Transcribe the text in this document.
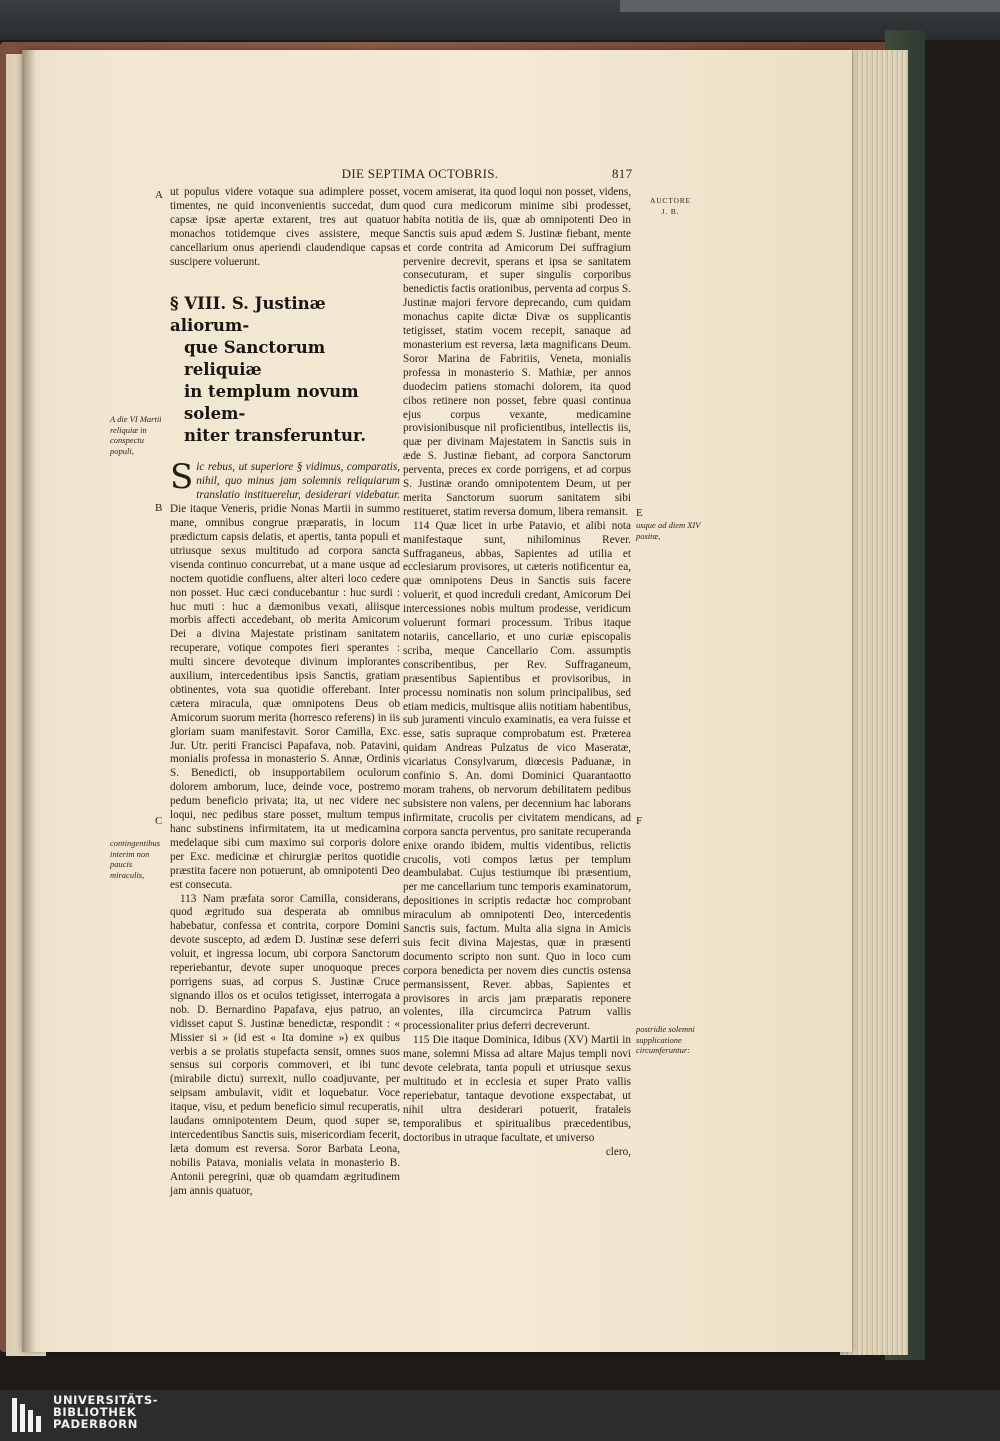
DIE SEPTIMA OCTOBRIS.	817
AUCTORE
J. B.
A
B
C
E
F
A die VI Martii reliquiæ in conspectu populi,
contingentibus interim non paucis miraculis,
usque ad diem XIV positæ,
postridie solemni supplicatione circumferuntur:

ut populus videre votaque sua adimplere posset, timentes, ne quid inconvenientis succedat, dum capsæ ipsæ apertæ extarent, tres aut quatuor monachos totidemque cives assistere, meque cancellarium onus aperiendi claudendique capsas suscipere voluerunt.

§ VIII. S. Justinæ aliorum-

que Sanctorum reliquiæ
in templum novum solem-
niter transferuntur.

Sic rebus, ut superiore § vidimus, comparatis, nihil, quo minus jam solemnis reliquiarum translatio instituerelur, desiderari videbatur. Die itaque Veneris, pridie Nonas Martii in summo mane, omnibus congrue præparatis, in locum prædictum capsis delatis, et apertis, tanta populi et utriusque sexus multitudo ad corpora sancta visenda continuo concurrebat, ut a mane usque ad noctem quotidie confluens, alter alteri loco cedere non posset. Huc cæci conducebantur : huc surdi : huc muti : huc a dæmonibus vexati, aliisque morbis affecti accedebant, ob merita Amicorum Dei a divina Majestate pristinam sanitatem recuperare, votique compotes fieri sperantes : multi sincere devoteque divinum implorantes auxilium, intercedentibus ipsis Sanctis, gratiam obtinentes, vota sua quotidie offerebant. Inter cætera miracula, quæ omnipotens Deus ob Amicorum suorum merita (horresco referens) in iis gloriam suam manifestavit. Soror Camilla, Exc. Jur. Utr. periti Francisci Papafava, nob. Patavini, monialis professa in monasterio S. Annæ, Ordinis S. Benedicti, ob insupportabilem oculorum dolorem amborum, luce, deinde voce, postremo pedum beneficio privata; ita, ut nec videre nec loqui, nec pedibus stare posset, multum tempus hanc substinens infirmitatem, ita ut medicamina medelaque sibi cum maximo sui corporis dolore per Exc. medicinæ et chirurgiæ peritos quotidie præstita facere non potuerunt, ab omnipotenti Deo est consecuta.

113 Nam præfata soror Camilla, considerans, quod ægritudo sua desperata ab omnibus habebatur, confessa et contrita, corpore Domini devote suscepto, ad ædem D. Justinæ sese deferri voluit, et ingressa locum, ubi corpora Sanctorum reperiebantur, devote super unoquoque preces porrigens suas, ad corpus S. Justinæ Cruce signando illos os et oculos tetigisset, interrogata a nob. D. Bernardino Papafava, ejus patruo, an vidisset caput S. Justinæ benedictæ, respondit : « Missier si » (id est « Ita domine ») ex quibus verbis a se prolatis stupefacta sensit, omnes suos sensus sui corporis commoveri, et ibi tunc (mirabile dictu) surrexit, nullo coadjuvante, per seipsam ambulavit, vidit et loquebatur. Voce itaque, visu, et pedum beneficio simul recuperatis, laudans omnipotentem Deum, quod super se, intercedentibus Sanctis suis, misericordiam fecerit, læta domum est reversa. Soror Barbata Leona, nobilis Patava, monialis velata in monasterio B. Antonii peregrini, quæ ob quamdam ægritudinem jam annis quatuor,

vocem amiserat, ita quod loqui non posset, videns, quod cura medicorum minime sibi prodesset, habita notitia de iis, quæ ab omnipotenti Deo in Sanctis suis apud ædem S. Justinæ fiebant, mente et corde contrita ad Amicorum Dei suffragium pervenire decrevit, sperans et ipsa se sanitatem consecuturam, et super singulis corporibus benedictis factis orationibus, perventa ad corpus S. Justinæ majori fervore deprecando, cum quidam monachus capite dictæ Divæ os supplicantis tetigisset, statim vocem recepit, sanaque ad monasterium est reversa, læta magnificans Deum. Soror Marina de Fabritiis, Veneta, monialis professa in monasterio S. Mathiæ, per annos duodecim patiens stomachi dolorem, ita quod cibos retinere non posset, febre quasi continua ejus corpus vexante, medicamine provisionibusque nil proficientibus, intellectis iis, quæ per divinam Majestatem in Sanctis suis in æde S. Justinæ fiebant, ad corpora Sanctorum perventa, preces ex corde porrigens, et ad corpus S. Justinæ orando omnipotentem Deum, ut per merita Sanctorum suorum sanitatem sibi restitueret, statim reversa domum, libera remansit.

114 Quæ licet in urbe Patavio, et alibi nota manifestaque sunt, nihilominus Rever. Suffraganeus, abbas, Sapientes ad utilia et ecclesiarum provisores, ut cæteris notificentur ea, quæ omnipotens Deus in Sanctis suis facere voluerit, et quod increduli credant, Amicorum Dei intercessiones nobis multum prodesse, veridicum voluerunt formari processum. Tribus itaque notariis, cancellario, et uno curiæ episcopalis scriba, meque Cancellario Com. assumptis conscribentibus, per Rev. Suffraganeum, præsentibus Sapientibus et provisoribus, in processu nominatis non solum principalibus, sed etiam medicis, multisque aliis notitiam habentibus, sub juramenti vinculo examinatis, ea vera fuisse et esse, satis supraque comprobatum est. Præterea quidam Andreas Pulzatus de vico Maseratæ, vicariatus Consylvarum, diœcesis Paduanæ, in confinio S. An. domi Dominici Quarantaotto moram trahens, ob nervorum debilitatem pedibus subsistere non valens, per decennium hac laborans infirmitate, crucolis per civitatem mendicans, ad corpora sancta perventus, pro sanitate recuperanda enixe orando ibidem, multis videntibus, relictis crucolis, voti compos lætus per templum deambulabat. Cujus testiumque ibi præsentium, per me cancellarium tunc temporis examinatorum, depositiones in scriptis redactæ hoc comprobant miraculum ab omnipotenti Deo, intercedentis Sanctis suis, factum. Multa alia signa in Amicis suis fecit divina Majestas, quæ in præsenti documento scripto non sunt. Quo in loco cum corpora benedicta per novem dies cunctis ostensa permansissent, Rever. abbas, Sapientes et provisores in arcis jam præparatis reponere volentes, illa circumcirca Patrum vallis processionaliter prius deferri decreverunt.

115 Die itaque Dominica, Idibus (XV) Martii in mane, solemni Missa ad altare Majus templi novi devote celebrata, tanta populi et utriusque sexus multitudo et in ecclesia et super Prato vallis reperiebatur, tantaque devotione exspectabat, ut nihil ultra desiderari potuerit, frataleis temporalibus et spiritualibus præcedentibus, doctoribus in utraque facultate, et universo

clero,

UNIVERSITÄTS-
BIBLIOTHEK
PADERBORN
